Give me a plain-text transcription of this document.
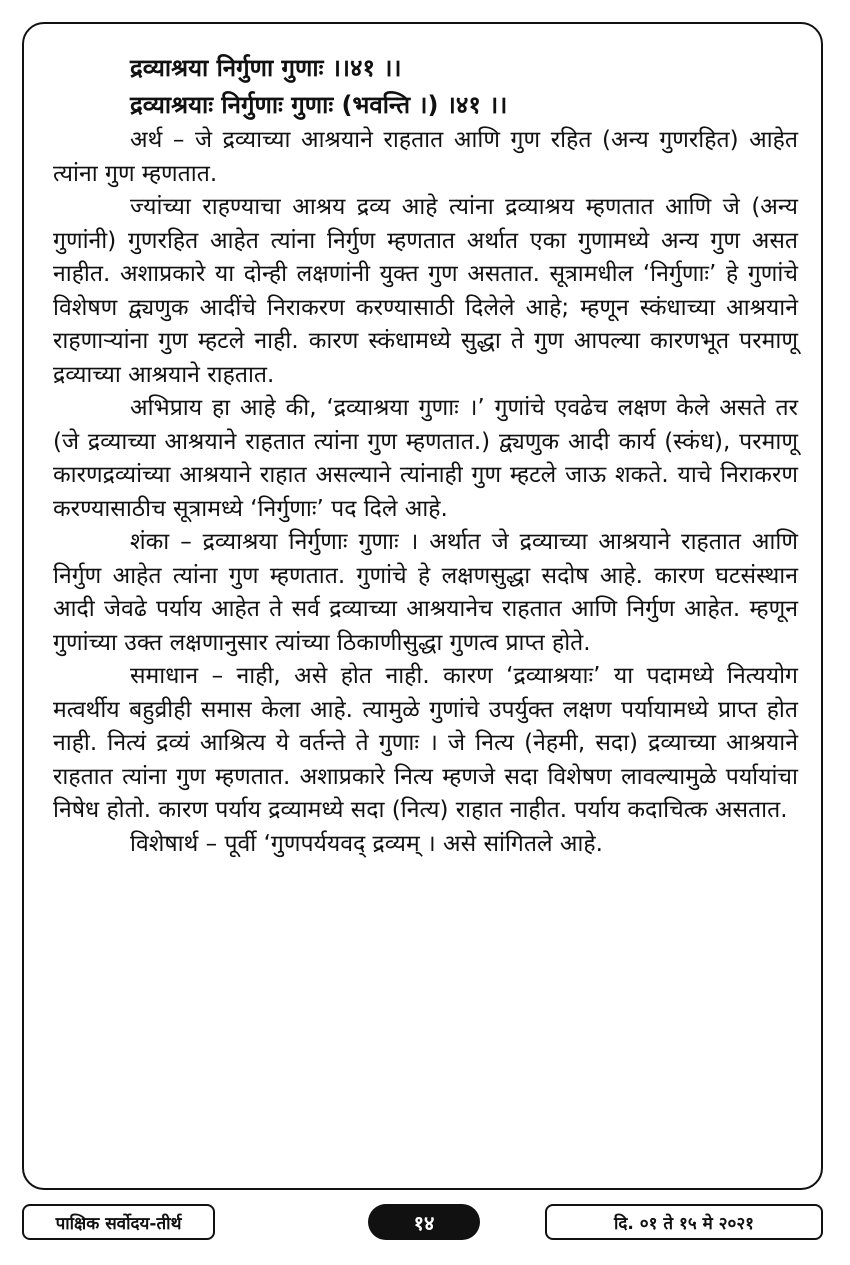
द्रव्याश्रया निर्गुणा गुणाः ।।४१ ।।
द्रव्याश्रयाः निर्गुणाः गुणाः (भवन्ति ।) ।४१ ।।

अर्थ – जे द्रव्याच्या आश्रयाने राहतात आणि गुण रहित (अन्य गुणरहित) आहेत त्यांना गुण म्हणतात.

ज्यांच्या राहण्याचा आश्रय द्रव्य आहे त्यांना द्रव्याश्रय म्हणतात आणि जे (अन्य गुणांनी) गुणरहित आहेत त्यांना निर्गुण म्हणतात अर्थात एका गुणामध्ये अन्य गुण असत नाहीत. अशाप्रकारे या दोन्ही लक्षणांनी युक्त गुण असतात. सूत्रामधील ‘निर्गुणाः’ हे गुणांचे विशेषण द्व्यणुक आदींचे निराकरण करण्यासाठी दिलेले आहे; म्हणून स्कंधाच्या आश्रयाने राहणाऱ्यांना गुण म्हटले नाही. कारण स्कंधामध्ये सुद्धा ते गुण आपल्या कारणभूत परमाणू द्रव्याच्या आश्रयाने राहतात.

अभिप्राय हा आहे की, ‘द्रव्याश्रया गुणाः ।’ गुणांचे एवढेच लक्षण केले असते तर (जे द्रव्याच्या आश्रयाने राहतात त्यांना गुण म्हणतात.) द्व्यणुक आदी कार्य (स्कंध), परमाणू कारणद्रव्यांच्या आश्रयाने राहात असल्याने त्यांनाही गुण म्हटले जाऊ शकते. याचे निराकरण करण्यासाठीच सूत्रामध्ये ‘निर्गुणाः’ पद दिले आहे.

शंका – द्रव्याश्रया निर्गुणाः गुणाः । अर्थात जे द्रव्याच्या आश्रयाने राहतात आणि निर्गुण आहेत त्यांना गुण म्हणतात. गुणांचे हे लक्षणसुद्धा सदोष आहे. कारण घटसंस्थान आदी जेवढे पर्याय आहेत ते सर्व द्रव्याच्या आश्रयानेच राहतात आणि निर्गुण आहेत. म्हणून गुणांच्या उक्त लक्षणानुसार त्यांच्या ठिकाणीसुद्धा गुणत्व प्राप्त होते.

समाधान – नाही, असे होत नाही. कारण ‘द्रव्याश्रयाः’ या पदामध्ये नित्ययोग मत्वर्थीय बहुव्रीही समास केला आहे. त्यामुळे गुणांचे उपर्युक्त लक्षण पर्यायामध्ये प्राप्त होत नाही. नित्यं द्रव्यं आश्रित्य ये वर्तन्ते ते गुणाः । जे नित्य (नेहमी, सदा) द्रव्याच्या आश्रयाने राहतात त्यांना गुण म्हणतात. अशाप्रकारे नित्य म्हणजे सदा विशेषण लावल्यामुळे पर्यायांचा निषेध होतो. कारण पर्याय द्रव्यामध्ये सदा (नित्य) राहात नाहीत. पर्याय कदाचित्क असतात.

विशेषार्थ – पूर्वी ‘गुणपर्ययवद् द्रव्यम् । असे सांगितले आहे.

पाक्षिक सर्वोदय-तीर्थ	१४	दि. ०१ ते १५ मे २०२१
